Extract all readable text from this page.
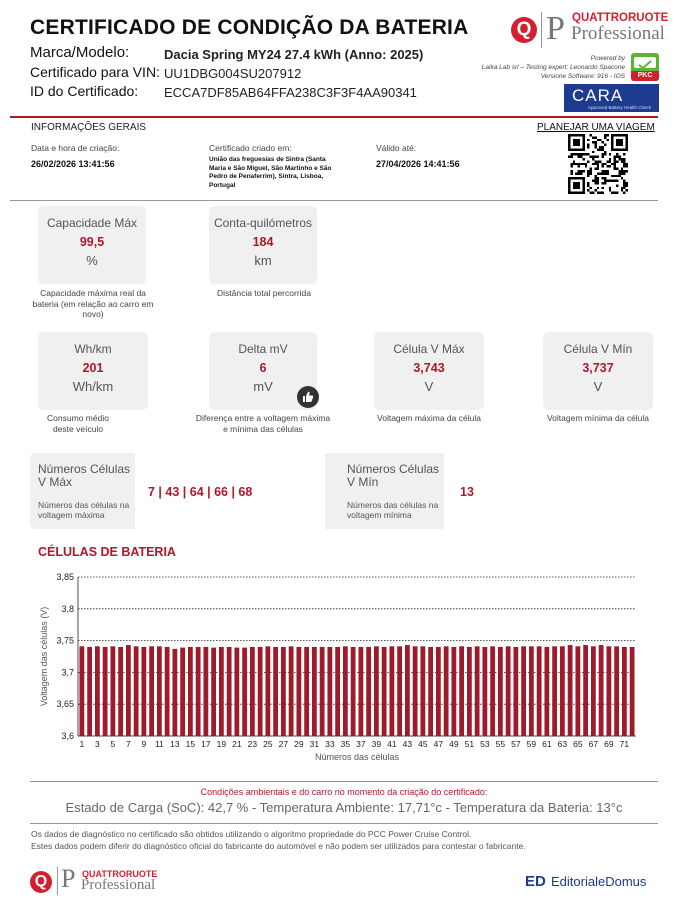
CERTIFICADO DE CONDIÇÃO DA BATERIA
Marca/Modelo:	Dacia Spring MY24 27.4 kWh (Anno: 2025)
Certificado para VIN: UU1DBG004SU207912
ID do Certificado: ECCA7DF85AB64FFA238C3F3F4AA90341
Q P QUATTRORUOTE
Professional
Powered by
Laika Lab srl – Testing expert: Leonardo Spacone
Versione Software: 916 - IOS	PKC
CARA
Approved Battery Health Check
INFORMAÇÕES GERAIS	PLANEJAR UMA VIAGEM
Data e hora de criação:
26/02/2026 13:41:56
Certificado criado em:
União das freguesias de Sintra (Santa Maria e São Miguel, São Martinho e São Pedro de Penaferrim), Sintra, Lisboa, Portugal
Válido até:
27/04/2026 14:41:56
Capacidade Máx
99,5
%
Capacidade máxima real da bateria (em relação ao carro em novo)
Conta-quilómetros
184
km
Distância total percorrida
Wh/km
201
Wh/km
Consumo médio deste veículo
Delta mV
6
mV
Diferença entre a voltagem máxima e mínima das células
Célula V Máx
3,743
V
Voltagem máxima da célula
Célula V Mín
3,737
V
Voltagem mínima da célula
Números Células V Máx
Números das células na voltagem máxima
7 | 43 | 64 | 66 | 68
Números Células V Mín
Números das células na voltagem mínima
13
CÉLULAS DE BATERIA
3,6
3,65
3,7
3,75
3,8
3,85
1 3 5 7 9 11 13 15 17 19 21 23 25 27 29 31 33 35 37 39 41 43 45 47 49 51 53 55 57 59 61 63 65 67 69 71
Números das células
Voltagem das células (V)
Condições ambientais e do carro no momento da criação do certificado:
Estado de Carga (SoC): 42,7 % - Temperatura Ambiente: 17,71°c - Temperatura da Bateria: 13°c
Os dados de diagnóstico no certificado são obtidos utilizando o algoritmo propriedade do PCC Power Cruise Control.
Estes dados podem diferir do diagnóstico oficial do fabricante do automóvel e não podem ser utilizados para contestar o fabricante.
Q P QUATTRORUOTE
Professional	ED EditorialeDomus
